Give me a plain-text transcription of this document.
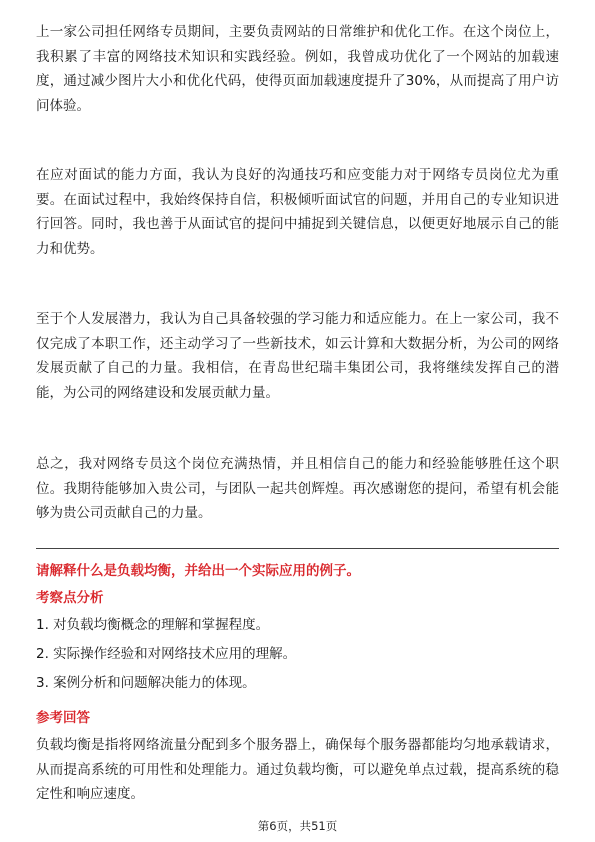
上一家公司担任网络专员期间，主要负责网站的日常维护和优化工作。在这个岗位上，我积累了丰富的网络技术知识和实践经验。例如，我曾成功优化了一个网站的加载速度，通过减少图片大小和优化代码，使得页面加载速度提升了30%，从而提高了用户访问体验。

在应对面试的能力方面，我认为良好的沟通技巧和应变能力对于网络专员岗位尤为重要。在面试过程中，我始终保持自信，积极倾听面试官的问题，并用自己的专业知识进行回答。同时，我也善于从面试官的提问中捕捉到关键信息，以便更好地展示自己的能力和优势。

至于个人发展潜力，我认为自己具备较强的学习能力和适应能力。在上一家公司，我不仅完成了本职工作，还主动学习了一些新技术，如云计算和大数据分析，为公司的网络发展贡献了自己的力量。我相信，在青岛世纪瑞丰集团公司，我将继续发挥自己的潜能，为公司的网络建设和发展贡献力量。

总之，我对网络专员这个岗位充满热情，并且相信自己的能力和经验能够胜任这个职位。我期待能够加入贵公司，与团队一起共创辉煌。再次感谢您的提问，希望有机会能够为贵公司贡献自己的力量。

请解释什么是负载均衡，并给出一个实际应用的例子。
考察点分析
1. 对负载均衡概念的理解和掌握程度。
2. 实际操作经验和对网络技术应用的理解。
3. 案例分析和问题解决能力的体现。
参考回答

负载均衡是指将网络流量分配到多个服务器上，确保每个服务器都能均匀地承载请求，从而提高系统的可用性和处理能力。通过负载均衡，可以避免单点过载，提高系统的稳定性和响应速度。

第6页，共51页
